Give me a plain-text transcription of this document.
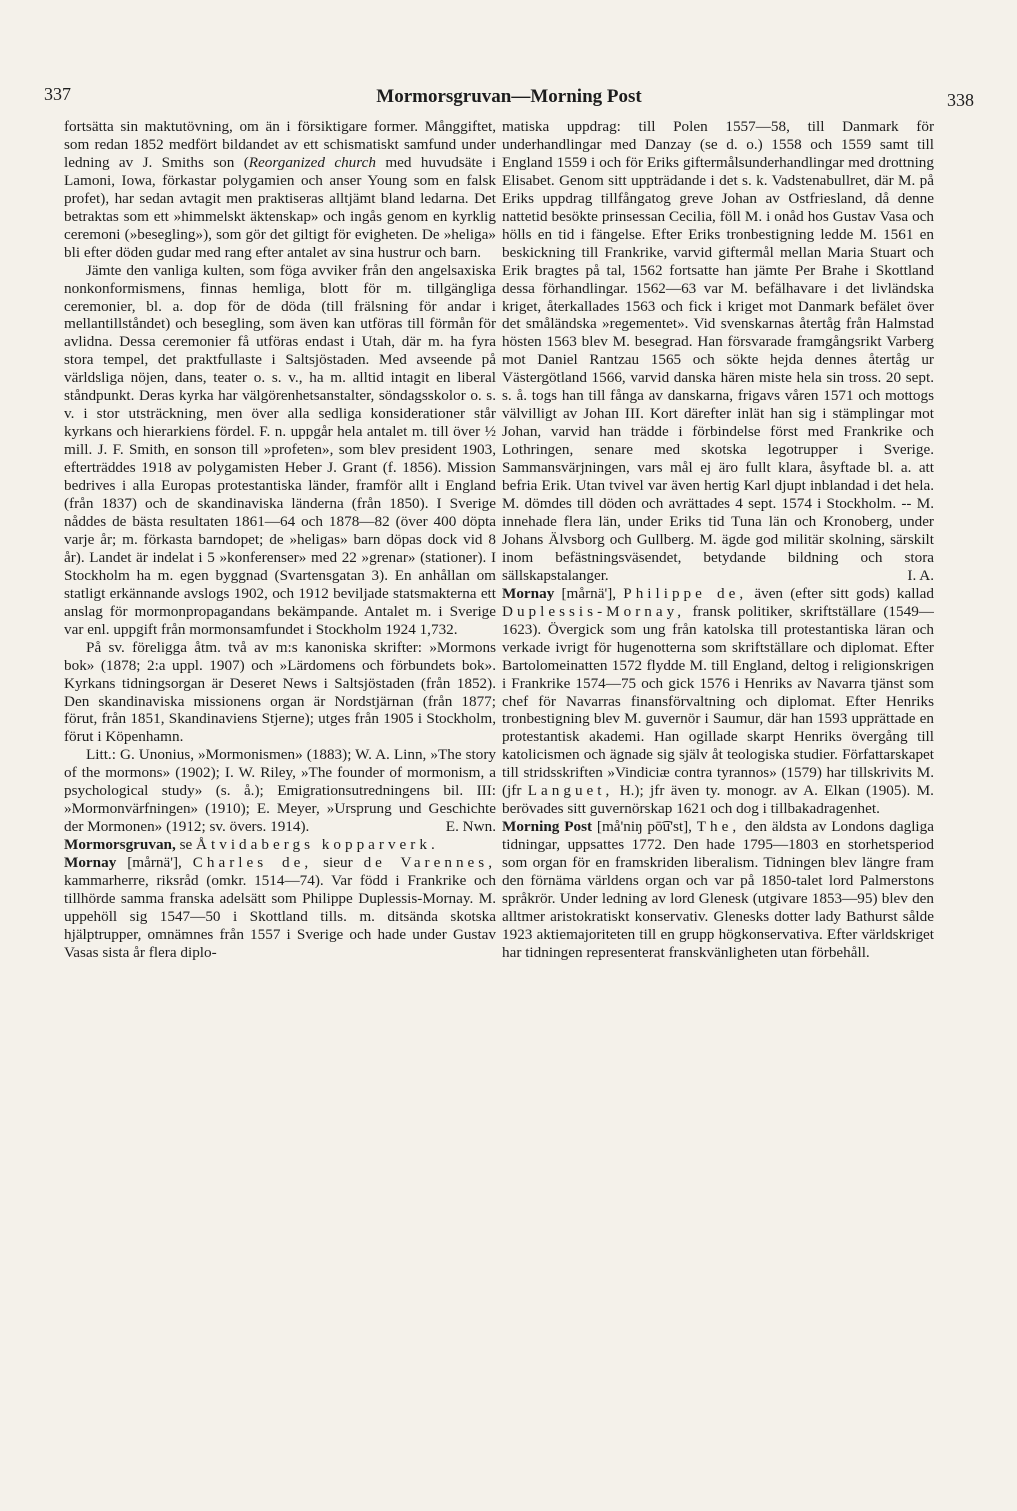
337	Mormorsgruvan—Morning Post	338

fortsätta sin maktutövning, om än i försiktigare former. Månggiftet, som redan 1852 medfört bildandet av ett schismatiskt samfund under ledning av J. Smiths son (Reorganized church med huvudsäte i Lamoni, Iowa, förkastar polygamien och anser Young som en falsk profet), har sedan avtagit men praktiseras alltjämt bland ledarna. Det betraktas som ett »himmelskt äktenskap» och ingås genom en kyrklig ceremoni (»besegling»), som gör det giltigt för evigheten. De »heliga» bli efter döden gudar med rang efter antalet av sina hustrur och barn.

Jämte den vanliga kulten, som föga avviker från den angelsaxiska nonkonformismens, finnas hemliga, blott för m. tillgängliga ceremonier, bl. a. dop för de döda (till frälsning för andar i mellantillståndet) och besegling, som även kan utföras till förmån för avlidna. Dessa ceremonier få utföras endast i Utah, där m. ha fyra stora tempel, det praktfullaste i Saltsjöstaden. Med avseende på världsliga nöjen, dans, teater o. s. v., ha m. alltid intagit en liberal ståndpunkt. Deras kyrka har välgörenhetsanstalter, söndagsskolor o. s. v. i stor utsträckning, men över alla sedliga konsiderationer står kyrkans och hierarkiens fördel. F. n. uppgår hela antalet m. till över ½ mill. J. F. Smith, en sonson till »profeten», som blev president 1903, efterträddes 1918 av polygamisten Heber J. Grant (f. 1856). Mission bedrives i alla Europas protestantiska länder, framför allt i England (från 1837) och de skandinaviska länderna (från 1850). I Sverige nåddes de bästa resultaten 1861—64 och 1878—82 (över 400 döpta varje år; m. förkasta barndopet; de »heligas» barn döpas dock vid 8 år). Landet är indelat i 5 »konferenser» med 22 »grenar» (stationer). I Stockholm ha m. egen byggnad (Svartensgatan 3). En anhållan om statligt erkännande avslogs 1902, och 1912 beviljade statsmakterna ett anslag för mormonpropagandans bekämpande. Antalet m. i Sverige var enl. uppgift från mormonsamfundet i Stockholm 1924 1,732.

På sv. föreligga åtm. två av m:s kanoniska skrifter: »Mormons bok» (1878; 2:a uppl. 1907) och »Lärdomens och förbundets bok». Kyrkans tidningsorgan är Deseret News i Saltsjöstaden (från 1852). Den skandinaviska missionens organ är Nordstjärnan (från 1877; förut, från 1851, Skandinaviens Stjerne); utges från 1905 i Stockholm, förut i Köpenhamn.

Litt.: G. Unonius, »Mormonismen» (1883); W. A. Linn, »The story of the mormons» (1902); I. W. Riley, »The founder of mormonism, a psychological study» (s. å.); Emigrationsutredningens bil. III: »Mormonvärfningen» (1910); E. Meyer, »Ursprung und Geschichte der Mormonen» (1912; sv. övers. 1914).	E. Nwn.

Mormorsgruvan, se Åtvidabergs kopparverk.

Mornay [mårnä'], Charles de, sieur de Varennes, kammarherre, riksråd (omkr. 1514—74). Var född i Frankrike och tillhörde samma franska adelsätt som Philippe Duplessis-Mornay. M. uppehöll sig 1547—50 i Skottland tills. m. ditsända skotska hjälptrupper, omnämnes från 1557 i Sverige och hade under Gustav Vasas sista år flera diplo-

matiska uppdrag: till Polen 1557—58, till Danmark för underhandlingar med Danzay (se d. o.) 1558 och 1559 samt till England 1559 i och för Eriks giftermålsunderhandlingar med drottning Elisabet. Genom sitt uppträdande i det s. k. Vadstenabullret, där M. på Eriks uppdrag tillfångatog greve Johan av Ostfriesland, då denne nattetid besökte prinsessan Cecilia, föll M. i onåd hos Gustav Vasa och hölls en tid i fängelse. Efter Eriks tronbestigning ledde M. 1561 en beskickning till Frankrike, varvid giftermål mellan Maria Stuart och Erik bragtes på tal, 1562 fortsatte han jämte Per Brahe i Skottland dessa förhandlingar. 1562—63 var M. befälhavare i det livländska kriget, återkallades 1563 och fick i kriget mot Danmark befälet över det småländska »regementet». Vid svenskarnas återtåg från Halmstad hösten 1563 blev M. besegrad. Han försvarade framgångsrikt Varberg mot Daniel Rantzau 1565 och sökte hejda dennes återtåg ur Västergötland 1566, varvid danska hären miste hela sin tross. 20 sept. s. å. togs han till fånga av danskarna, frigavs våren 1571 och mottogs välvilligt av Johan III. Kort därefter inlät han sig i stämplingar mot Johan, varvid han trädde i förbindelse först med Frankrike och Lothringen, senare med skotska legotrupper i Sverige. Sammansvärjningen, vars mål ej äro fullt klara, åsyftade bl. a. att befria Erik. Utan tvivel var även hertig Karl djupt inblandad i det hela. M. dömdes till döden och avrättades 4 sept. 1574 i Stockholm. -- M. innehade flera län, under Eriks tid Tuna län och Kronoberg, under Johans Älvsborg och Gullberg. M. ägde god militär skolning, särskilt inom befästningsväsendet, betydande bildning och stora sällskapstalanger.	I. A.

Mornay [mårnä'], Philippe de, även (efter sitt gods) kallad Duplessis-Mornay, fransk politiker, skriftställare (1549—1623). Övergick som ung från katolska till protestantiska läran och verkade ivrigt för hugenotterna som skriftställare och diplomat. Efter Bartolomeinatten 1572 flydde M. till England, deltog i religionskrigen i Frankrike 1574—75 och gick 1576 i Henriks av Navarra tjänst som chef för Navarras finansförvaltning och diplomat. Efter Henriks tronbestigning blev M. guvernör i Saumur, där han 1593 upprättade en protestantisk akademi. Han ogillade skarpt Henriks övergång till katolicismen och ägnade sig själv åt teologiska studier. Författarskapet till stridsskriften »Vindiciæ contra tyrannos» (1579) har tillskrivits M. (jfr Languet, H.); jfr även ty. monogr. av A. Elkan (1905). M. berövades sitt guvernörskap 1621 och dog i tillbakadragenhet.

Morning Post [må'niŋ pō͡u'st], The, den äldsta av Londons dagliga tidningar, uppsattes 1772. Den hade 1795—1803 en storhetsperiod som organ för en framskriden liberalism. Tidningen blev längre fram den förnäma världens organ och var på 1850-talet lord Palmerstons språkrör. Under ledning av lord Glenesk (utgivare 1853—95) blev den alltmer aristokratiskt konservativ. Glenesks dotter lady Bathurst sålde 1923 aktiemajoriteten till en grupp högkonservativa. Efter världskriget har tidningen representerat franskvänligheten utan förbehåll.
